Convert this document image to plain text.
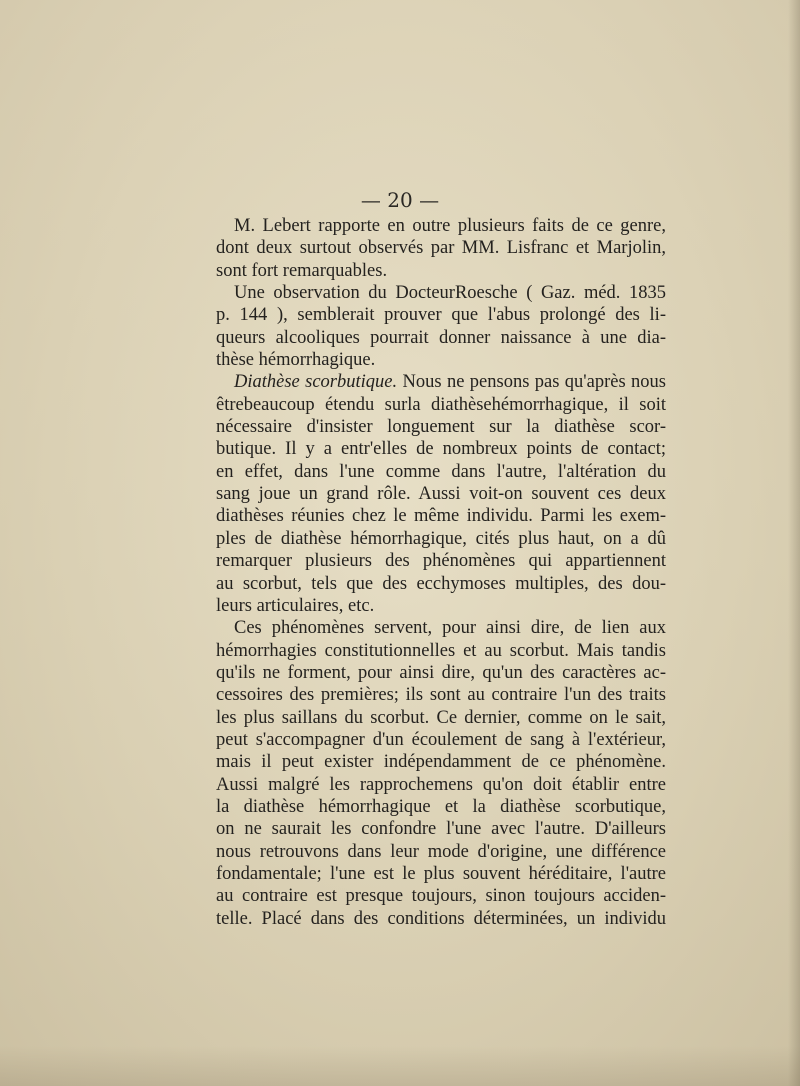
— 20 —
M. Lebert rapporte en outre plusieurs faits de ce genre,
dont deux surtout observés par MM. Lisfranc et Marjolin,
sont fort remarquables.
Une observation du DocteurRoesche ( Gaz. méd. 1835
p. 144 ), semblerait prouver que l'abus prolongé des li-
queurs alcooliques pourrait donner naissance à une dia-
thèse hémorrhagique.
Diathèse scorbutique. Nous ne pensons pas qu'après nous
êtrebeaucoup étendu surla diathèsehémorrhagique, il soit
nécessaire d'insister longuement sur la diathèse scor-
butique. Il y a entr'elles de nombreux points de contact;
en effet, dans l'une comme dans l'autre, l'altération du
sang joue un grand rôle. Aussi voit-on souvent ces deux
diathèses réunies chez le même individu. Parmi les exem-
ples de diathèse hémorrhagique, cités plus haut, on a dû
remarquer plusieurs des phénomènes qui appartiennent
au scorbut, tels que des ecchymoses multiples, des dou-
leurs articulaires, etc.
Ces phénomènes servent, pour ainsi dire, de lien aux
hémorrhagies constitutionnelles et au scorbut. Mais tandis
qu'ils ne forment, pour ainsi dire, qu'un des caractères ac-
cessoires des premières; ils sont au contraire l'un des traits
les plus saillans du scorbut. Ce dernier, comme on le sait,
peut s'accompagner d'un écoulement de sang à l'extérieur,
mais il peut exister indépendamment de ce phénomène.
Aussi malgré les rapprochemens qu'on doit établir entre
la diathèse hémorrhagique et la diathèse scorbutique,
on ne saurait les confondre l'une avec l'autre. D'ailleurs
nous retrouvons dans leur mode d'origine, une différence
fondamentale; l'une est le plus souvent héréditaire, l'autre
au contraire est presque toujours, sinon toujours acciden-
telle. Placé dans des conditions déterminées, un individu
